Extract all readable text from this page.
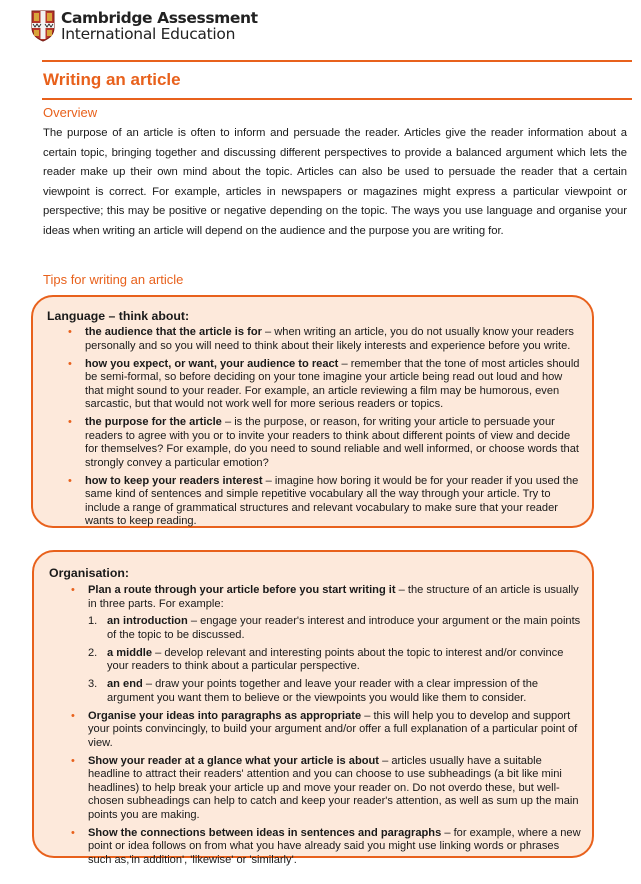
Cambridge Assessment
International Education
Writing an article
Overview
The purpose of an article is often to inform and persuade the reader. Articles give the reader information about a certain topic, bringing together and discussing different perspectives to provide a balanced argument which lets the reader make up their own mind about the topic. Articles can also be used to persuade the reader that a certain viewpoint is correct. For example, articles in newspapers or magazines might express a particular viewpoint or perspective; this may be positive or negative depending on the topic. The ways you use language and organise your ideas when writing an article will depend on the audience and the purpose you are writing for.
Tips for writing an article
Language – think about:
• the audience that the article is for – when writing an article, you do not usually know your readers personally and so you will need to think about their likely interests and experience before you write.
• how you expect, or want, your audience to react – remember that the tone of most articles should be semi-formal, so before deciding on your tone imagine your article being read out loud and how that might sound to your reader. For example, an article reviewing a film may be humorous, even sarcastic, but that would not work well for more serious readers or topics.
• the purpose for the article – is the purpose, or reason, for writing your article to persuade your readers to agree with you or to invite your readers to think about different points of view and decide for themselves? For example, do you need to sound reliable and well informed, or choose words that strongly convey a particular emotion?
• how to keep your readers interest – imagine how boring it would be for your reader if you used the same kind of sentences and simple repetitive vocabulary all the way through your article. Try to include a range of grammatical structures and relevant vocabulary to make sure that your reader wants to keep reading.
Organisation:
• Plan a route through your article before you start writing it – the structure of an article is usually in three parts. For example:
1. an introduction – engage your reader's interest and introduce your argument or the main points of the topic to be discussed.
2. a middle – develop relevant and interesting points about the topic to interest and/or convince your readers to think about a particular perspective.
3. an end – draw your points together and leave your reader with a clear impression of the argument you want them to believe or the viewpoints you would like them to consider.
• Organise your ideas into paragraphs as appropriate – this will help you to develop and support your points convincingly, to build your argument and/or offer a full explanation of a particular point of view.
• Show your reader at a glance what your article is about – articles usually have a suitable headline to attract their readers' attention and you can choose to use subheadings (a bit like mini headlines) to help break your article up and move your reader on. Do not overdo these, but well-chosen subheadings can help to catch and keep your reader's attention, as well as sum up the main points you are making.
• Show the connections between ideas in sentences and paragraphs – for example, where a new point or idea follows on from what you have already said you might use linking words or phrases such as,'in addition', 'likewise' or 'similarly'.
